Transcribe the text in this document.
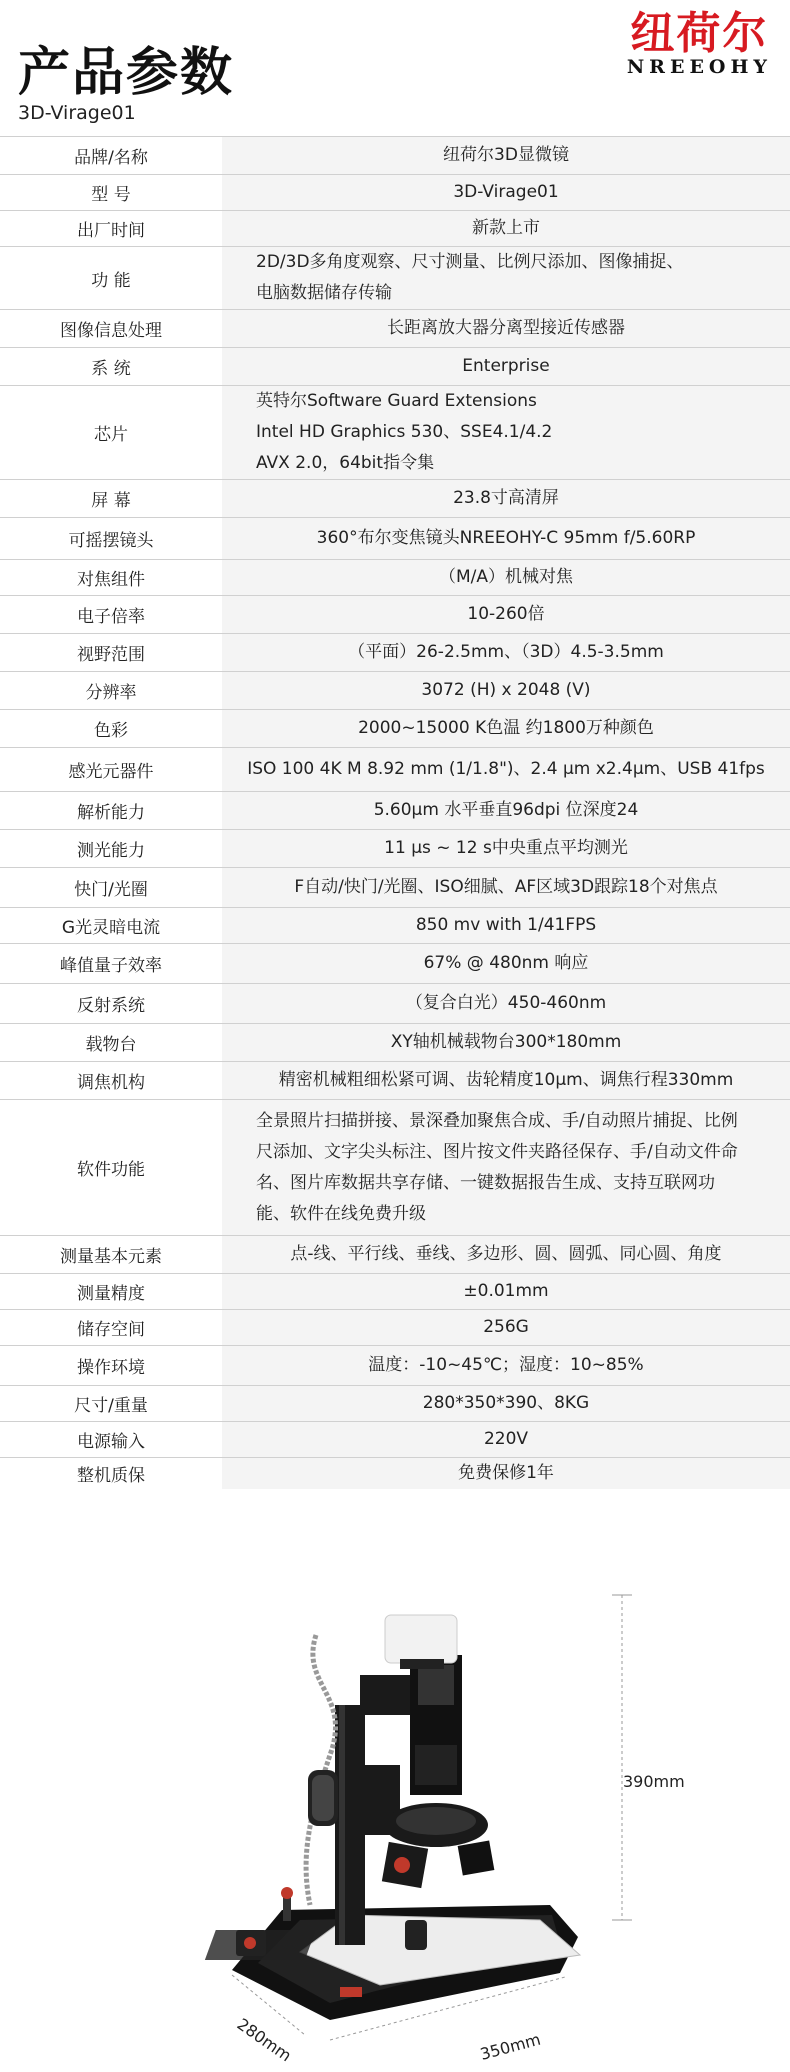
产品参数
3D-Virage01
纽荷尔
NREEOHY
品牌/名称	纽荷尔3D显微镜

型 号	3D-Virage01

出厂时间	新款上市

功 能	2D/3D多角度观察、尺寸测量、比例尺添加、图像捕捉、
电脑数据储存传输

图像信息处理	长距离放大器分离型接近传感器

系 统	Enterprise

芯片	英特尔Software Guard Extensions
Intel HD Graphics 530、SSE4.1/4.2
AVX 2.0，64bit指令集

屏 幕	23.8寸高清屏

可摇摆镜头	360°布尔变焦镜头NREEOHY-C 95mm f/5.60RP

对焦组件	（M/A）机械对焦

电子倍率	10-260倍

视野范围	（平面）26-2.5mm、（3D）4.5-3.5mm

分辨率	3072 (H) x 2048 (V)

色彩	2000~15000 K色温 约1800万种颜色

感光元器件	ISO 100 4K M 8.92 mm (1/1.8")、2.4 μm x2.4μm、USB 41fps

解析能力	5.60μm 水平垂直96dpi 位深度24

测光能力	11 μs ~ 12 s中央重点平均测光

快门/光圈	F自动/快门/光圈、ISO细腻、AF区域3D跟踪18个对焦点

G光灵暗电流	850 mv with 1/41FPS

峰值量子效率	67% @ 480nm 响应

反射系统	（复合白光）450-460nm

载物台	XY轴机械载物台300*180mm

调焦机构	精密机械粗细松紧可调、齿轮精度10μm、调焦行程330mm

软件功能	全景照片扫描拼接、景深叠加聚焦合成、手/自动照片捕捉、比例
尺添加、文字尖头标注、图片按文件夹路径保存、手/自动文件命
名、图片库数据共享存储、一键数据报告生成、支持互联网功
能、软件在线免费升级

测量基本元素	点-线、平行线、垂线、多边形、圆、圆弧、同心圆、角度

测量精度	±0.01mm

储存空间	256G

操作环境	温度：-10~45℃；湿度：10~85%

尺寸/重量	280*350*390、8KG

电源输入	220V

整机质保	免费保修1年
390mm
280mm	350mm
